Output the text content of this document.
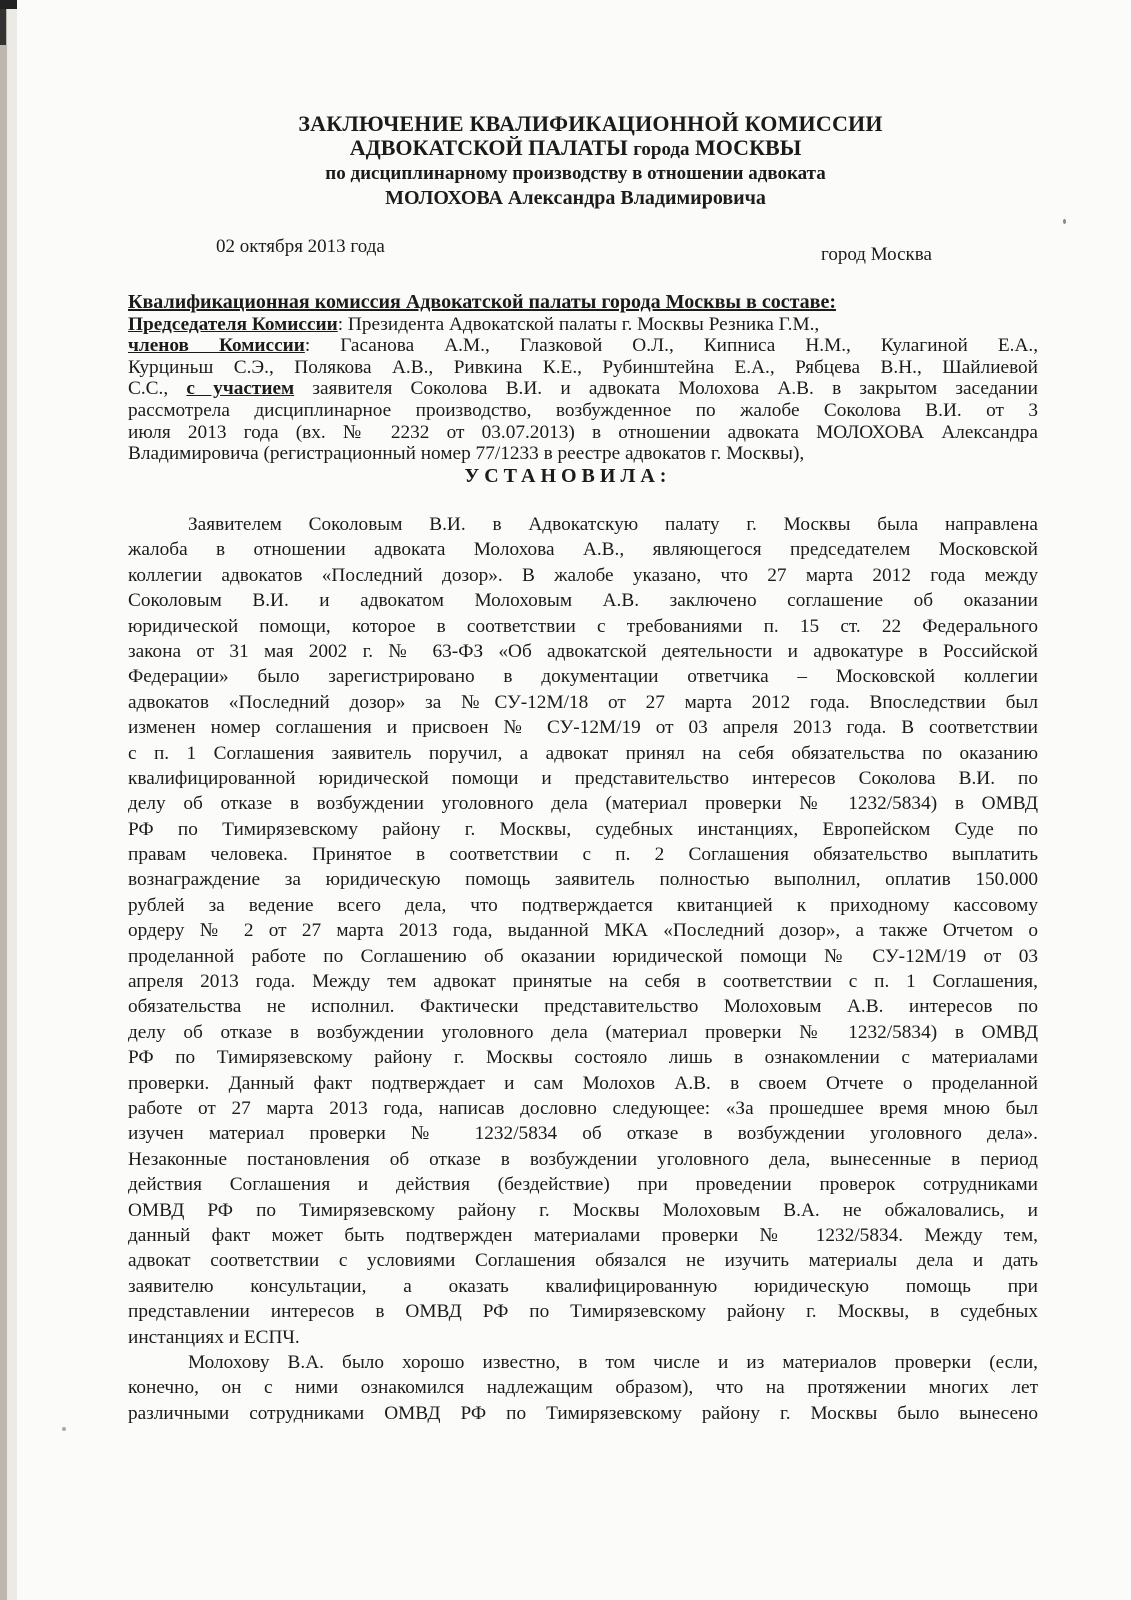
ЗАКЛЮЧЕНИЕ КВАЛИФИКАЦИОННОЙ КОМИССИИ

АДВОКАТСКОЙ ПАЛАТЫ города МОСКВЫ

по дисциплинарному производству в отношении адвоката

МОЛОХОВА Александра Владимировича

02 октября 2013 года	город Москва
Квалификационная комиссия Адвокатской палаты города Москвы в составе:
Председателя Комиссии: Президента Адвокатской палаты г. Москвы Резника Г.М.,
членов Комиссии: Гасанова А.М., Глазковой О.Л., Кипниса Н.М., Кулагиной Е.А.,
Курциньш С.Э., Полякова А.В., Ривкина К.Е., Рубинштейна Е.А., Рябцева В.Н., Шайлиевой
С.С., с участием заявителя Соколова В.И. и адвоката Молохова А.В. в закрытом заседании
рассмотрела дисциплинарное производство, возбужденное по жалобе Соколова В.И. от 3
июля 2013 года (вх. № 2232 от 03.07.2013) в отношении адвоката МОЛОХОВА Александра
Владимировича (регистрационный номер 77/1233 в реестре адвокатов г. Москвы),
УСТАНОВИЛА:
Заявителем Соколовым В.И. в Адвокатскую палату г. Москвы была направлена
жалоба в отношении адвоката Молохова А.В., являющегося председателем Московской
коллегии адвокатов «Последний дозор». В жалобе указано, что 27 марта 2012 года между
Соколовым В.И. и адвокатом Молоховым А.В. заключено соглашение об оказании
юридической помощи, которое в соответствии с требованиями п. 15 ст. 22 Федерального
закона от 31 мая 2002 г. № 63-ФЗ «Об адвокатской деятельности и адвокатуре в Российской
Федерации» было зарегистрировано в документации ответчика – Московской коллегии
адвокатов «Последний дозор» за №СУ-12М/18 от 27 марта 2012 года. Впоследствии был
изменен номер соглашения и присвоен № СУ-12М/19 от 03 апреля 2013 года. В соответствии
с п. 1 Соглашения заявитель поручил, а адвокат принял на себя обязательства по оказанию
квалифицированной юридической помощи и представительство интересов Соколова В.И. по
делу об отказе в возбуждении уголовного дела (материал проверки № 1232/5834) в ОМВД
РФ по Тимирязевскому району г. Москвы, судебных инстанциях, Европейском Суде по
правам человека. Принятое в соответствии с п. 2 Соглашения обязательство выплатить
вознаграждение за юридическую помощь заявитель полностью выполнил, оплатив 150.000
рублей за ведение всего дела, что подтверждается квитанцией к приходному кассовому
ордеру № 2 от 27 марта 2013 года, выданной МКА «Последний дозор», а также Отчетом о
проделанной работе по Соглашению об оказании юридической помощи № СУ-12М/19 от 03
апреля 2013 года. Между тем адвокат принятые на себя в соответствии с п. 1 Соглашения,
обязательства не исполнил. Фактически представительство Молоховым А.В. интересов по
делу об отказе в возбуждении уголовного дела (материал проверки № 1232/5834) в ОМВД
РФ по Тимирязевскому району г. Москвы состояло лишь в ознакомлении с материалами
проверки. Данный факт подтверждает и сам Молохов А.В. в своем Отчете о проделанной
работе от 27 марта 2013 года, написав дословно следующее: «За прошедшее время мною был
изучен материал проверки № 1232/5834 об отказе в возбуждении уголовного дела».
Незаконные постановления об отказе в возбуждении уголовного дела, вынесенные в период
действия Соглашения и действия (бездействие) при проведении проверок сотрудниками
ОМВД РФ по Тимирязевскому району г. Москвы Молоховым В.А. не обжаловались, и
данный факт может быть подтвержден материалами проверки № 1232/5834. Между тем,
адвокат соответствии с условиями Соглашения обязался не изучить материалы дела и дать
заявителю консультации, а оказать квалифицированную юридическую помощь при
представлении интересов в ОМВД РФ по Тимирязевскому району г. Москвы, в судебных
инстанциях и ЕСПЧ.
Молохову В.А. было хорошо известно, в том числе и из материалов проверки (если,
конечно, он с ними ознакомился надлежащим образом), что на протяжении многих лет
различными сотрудниками ОМВД РФ по Тимирязевскому району г. Москвы было вынесено
